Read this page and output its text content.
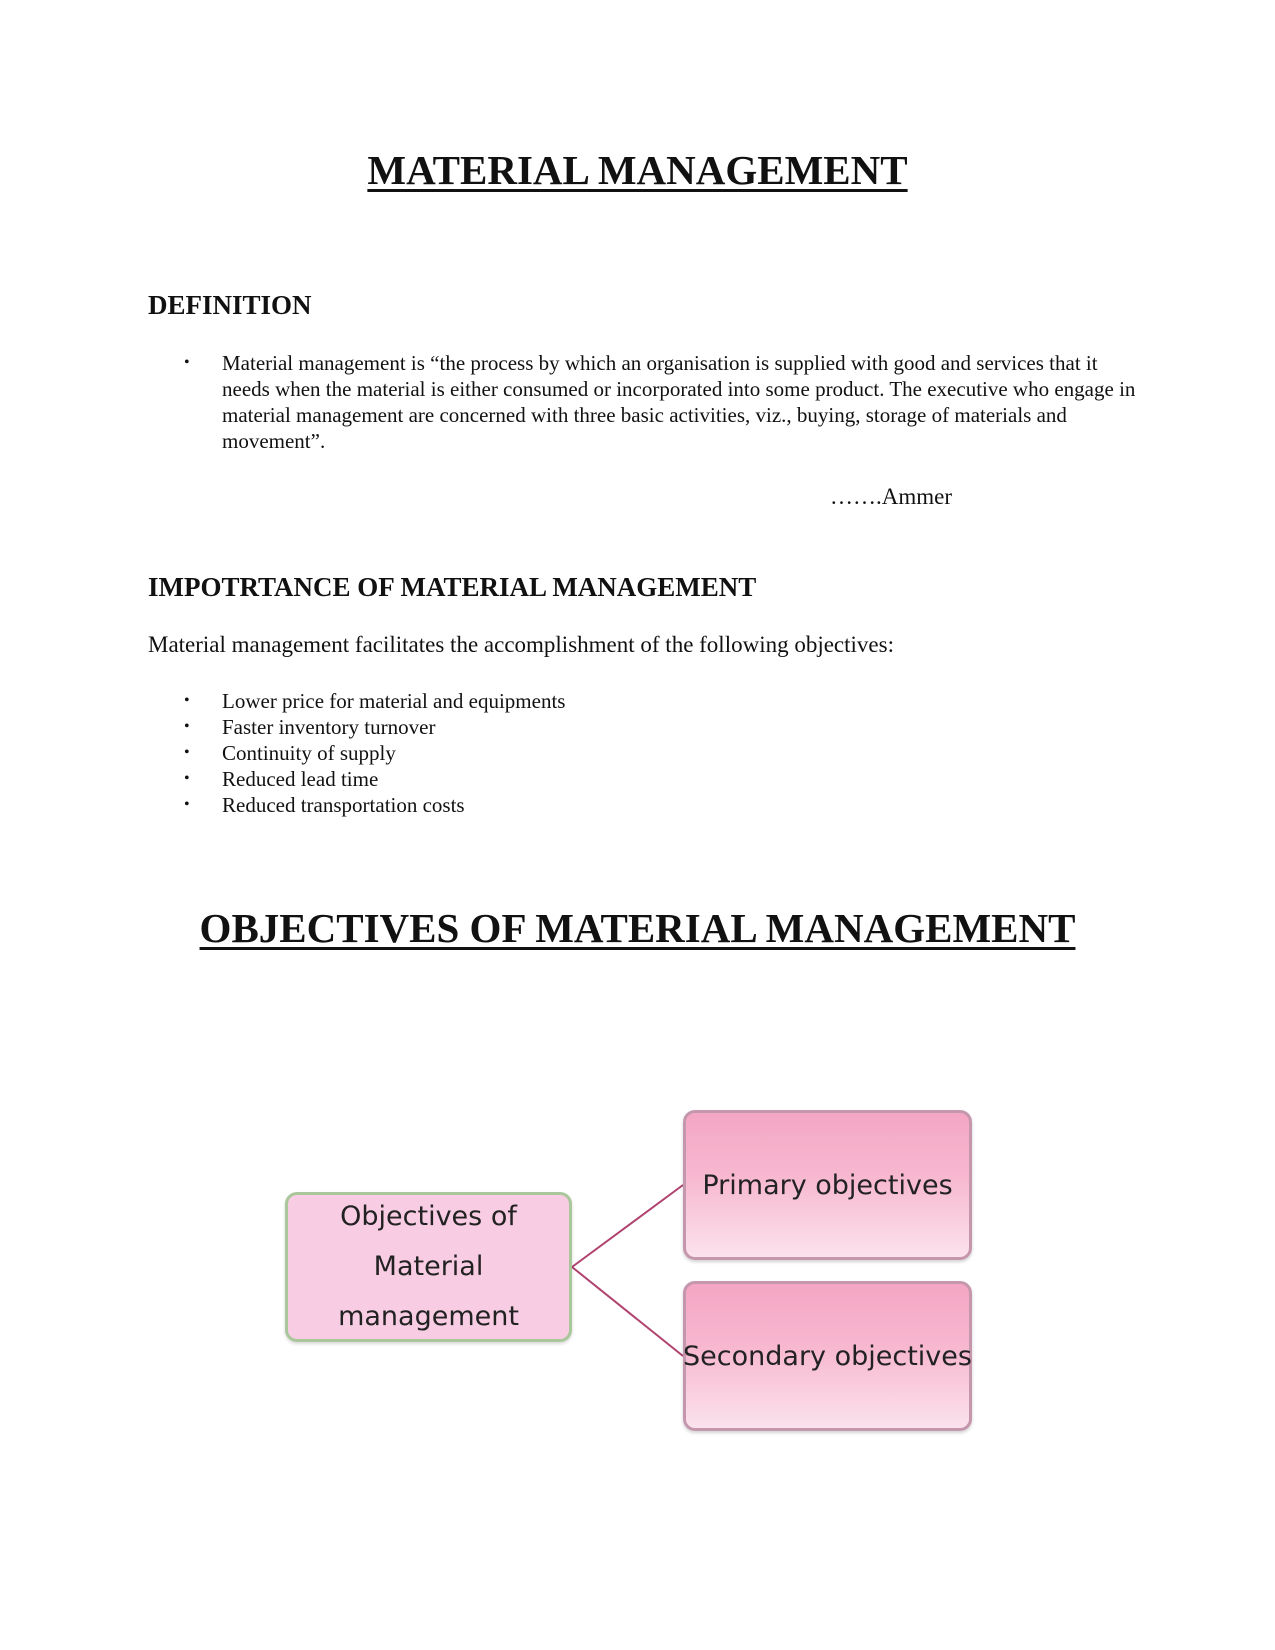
MATERIAL MANAGEMENT
DEFINITION
• Material management is “the process by which an organisation is supplied with good and services that it needs when the material is either consumed or incorporated into some product. The executive who engage in material management are concerned with three basic activities, viz., buying, storage of materials and movement”.

…….Ammer

IMPOTRTANCE OF MATERIAL MANAGEMENT

Material management facilitates the accomplishment of the following objectives:

• Lower price for material and equipments
• Faster inventory turnover
• Continuity of supply
• Reduced lead time
• Reduced transportation costs
OBJECTIVES OF MATERIAL MANAGEMENT
Objectives of Material management
Primary objectives
Secondary objectives
